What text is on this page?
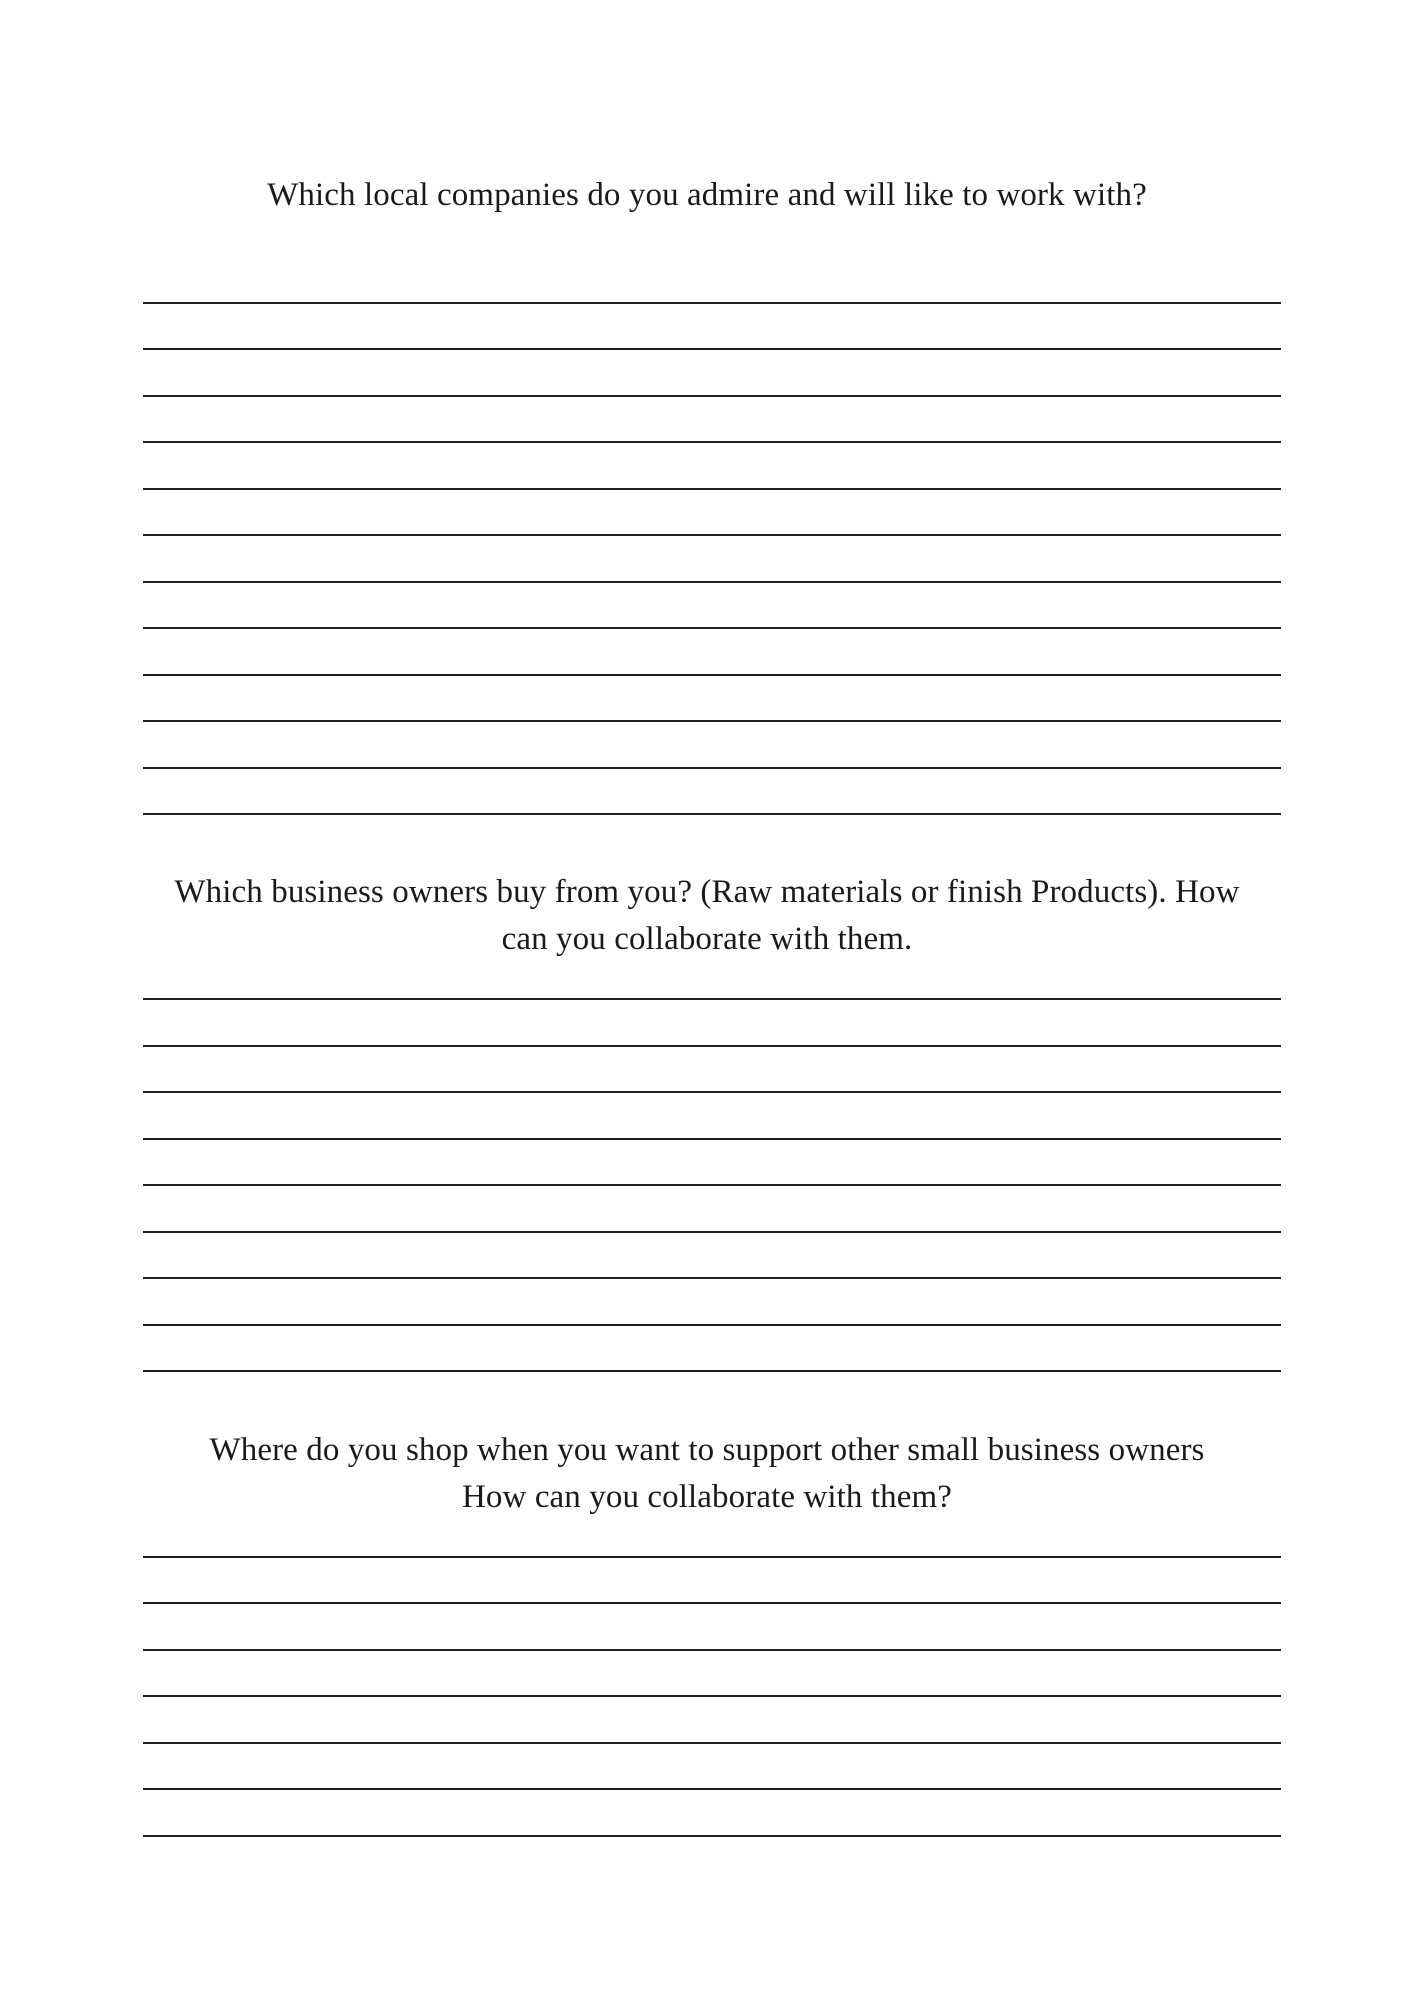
Which local companies do you admire and will like to work with?
Which business owners buy from you? (Raw materials or finish Products). How
can you collaborate with them.
Where do you shop when you want to support other small business owners
How can you collaborate with them?
